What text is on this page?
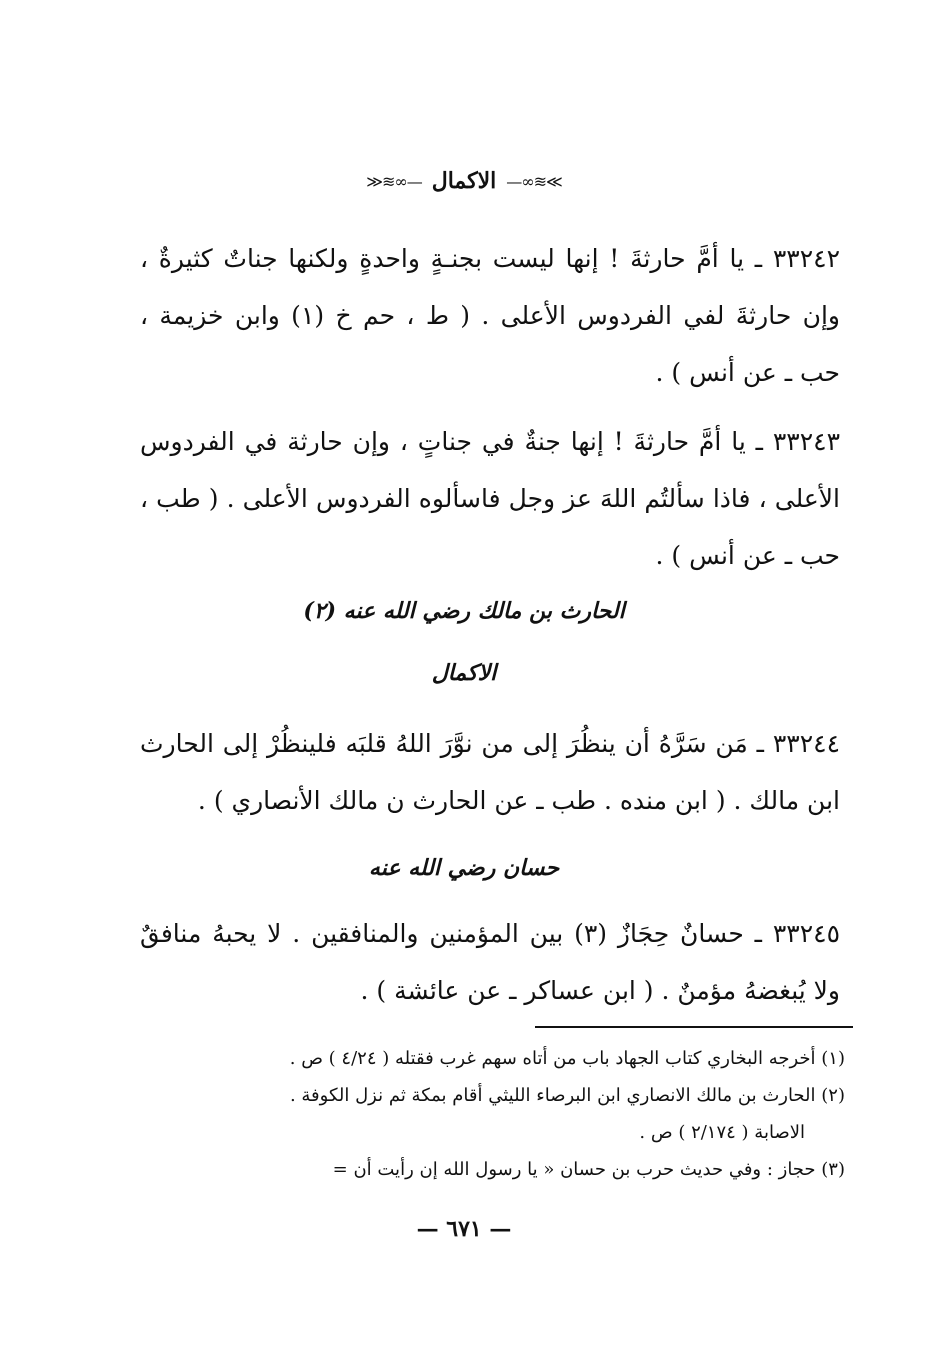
≫≋∞—
الاكمال
—∞≋≪
٣٣٢٤٢ ـ يا أمَّ حارثةَ ! إنها ليست بجنـةٍ واحدةٍ ولكنها جناتٌ كثيرةٌ ، وإن حارثةَ لفي الفردوس الأعلى . ( ط ، حم خ (١) وابن خزيمة ، حب ـ عن أنس ) .
٣٣٢٤٣ ـ يا أمَّ حارثةَ ! إنها جنةٌ في جناتٍ ، وإن حارثة في الفردوس الأعلى ، فاذا سألتُم اللهَ عز وجل فاسألوه الفردوس الأعلى . ( طب ، حب ـ عن أنس ) .
الحارث بن مالك رضي الله عنه (٢)
الاكمال
٣٣٢٤٤ ـ مَن سَرَّهُ أن ينظُرَ إلى من نوَّرَ اللهُ قلبَه فلينظُرْ إلى الحارث ابن مالك . ( ابن منده . طب ـ عن الحارث ن مالك الأنصاري ) .
حسان رضي الله عنه
٣٣٢٤٥ ـ حسانٌ حِجَازٌ (٣) بين المؤمنين والمنافقين . لا يحبهُ منافقٌ ولا يُبغضهُ مؤمنٌ . ( ابن عساكر ـ عن عائشة ) .
(١) أخرجه البخاري كتاب الجهاد باب من أتاه سهم غرب فقتله ( ٤/٢٤ ) ص .
(٢) الحارث بن مالك الانصاري ابن البرصاء الليثي أقام بمكة ثم نزل الكوفة .
الاصابة ( ٢/١٧٤ ) ص .
(٣) حجاز : وفي حديث حرب بن حسان « يا رسول الله إن رأيت أن =
— ٦٧١ —
